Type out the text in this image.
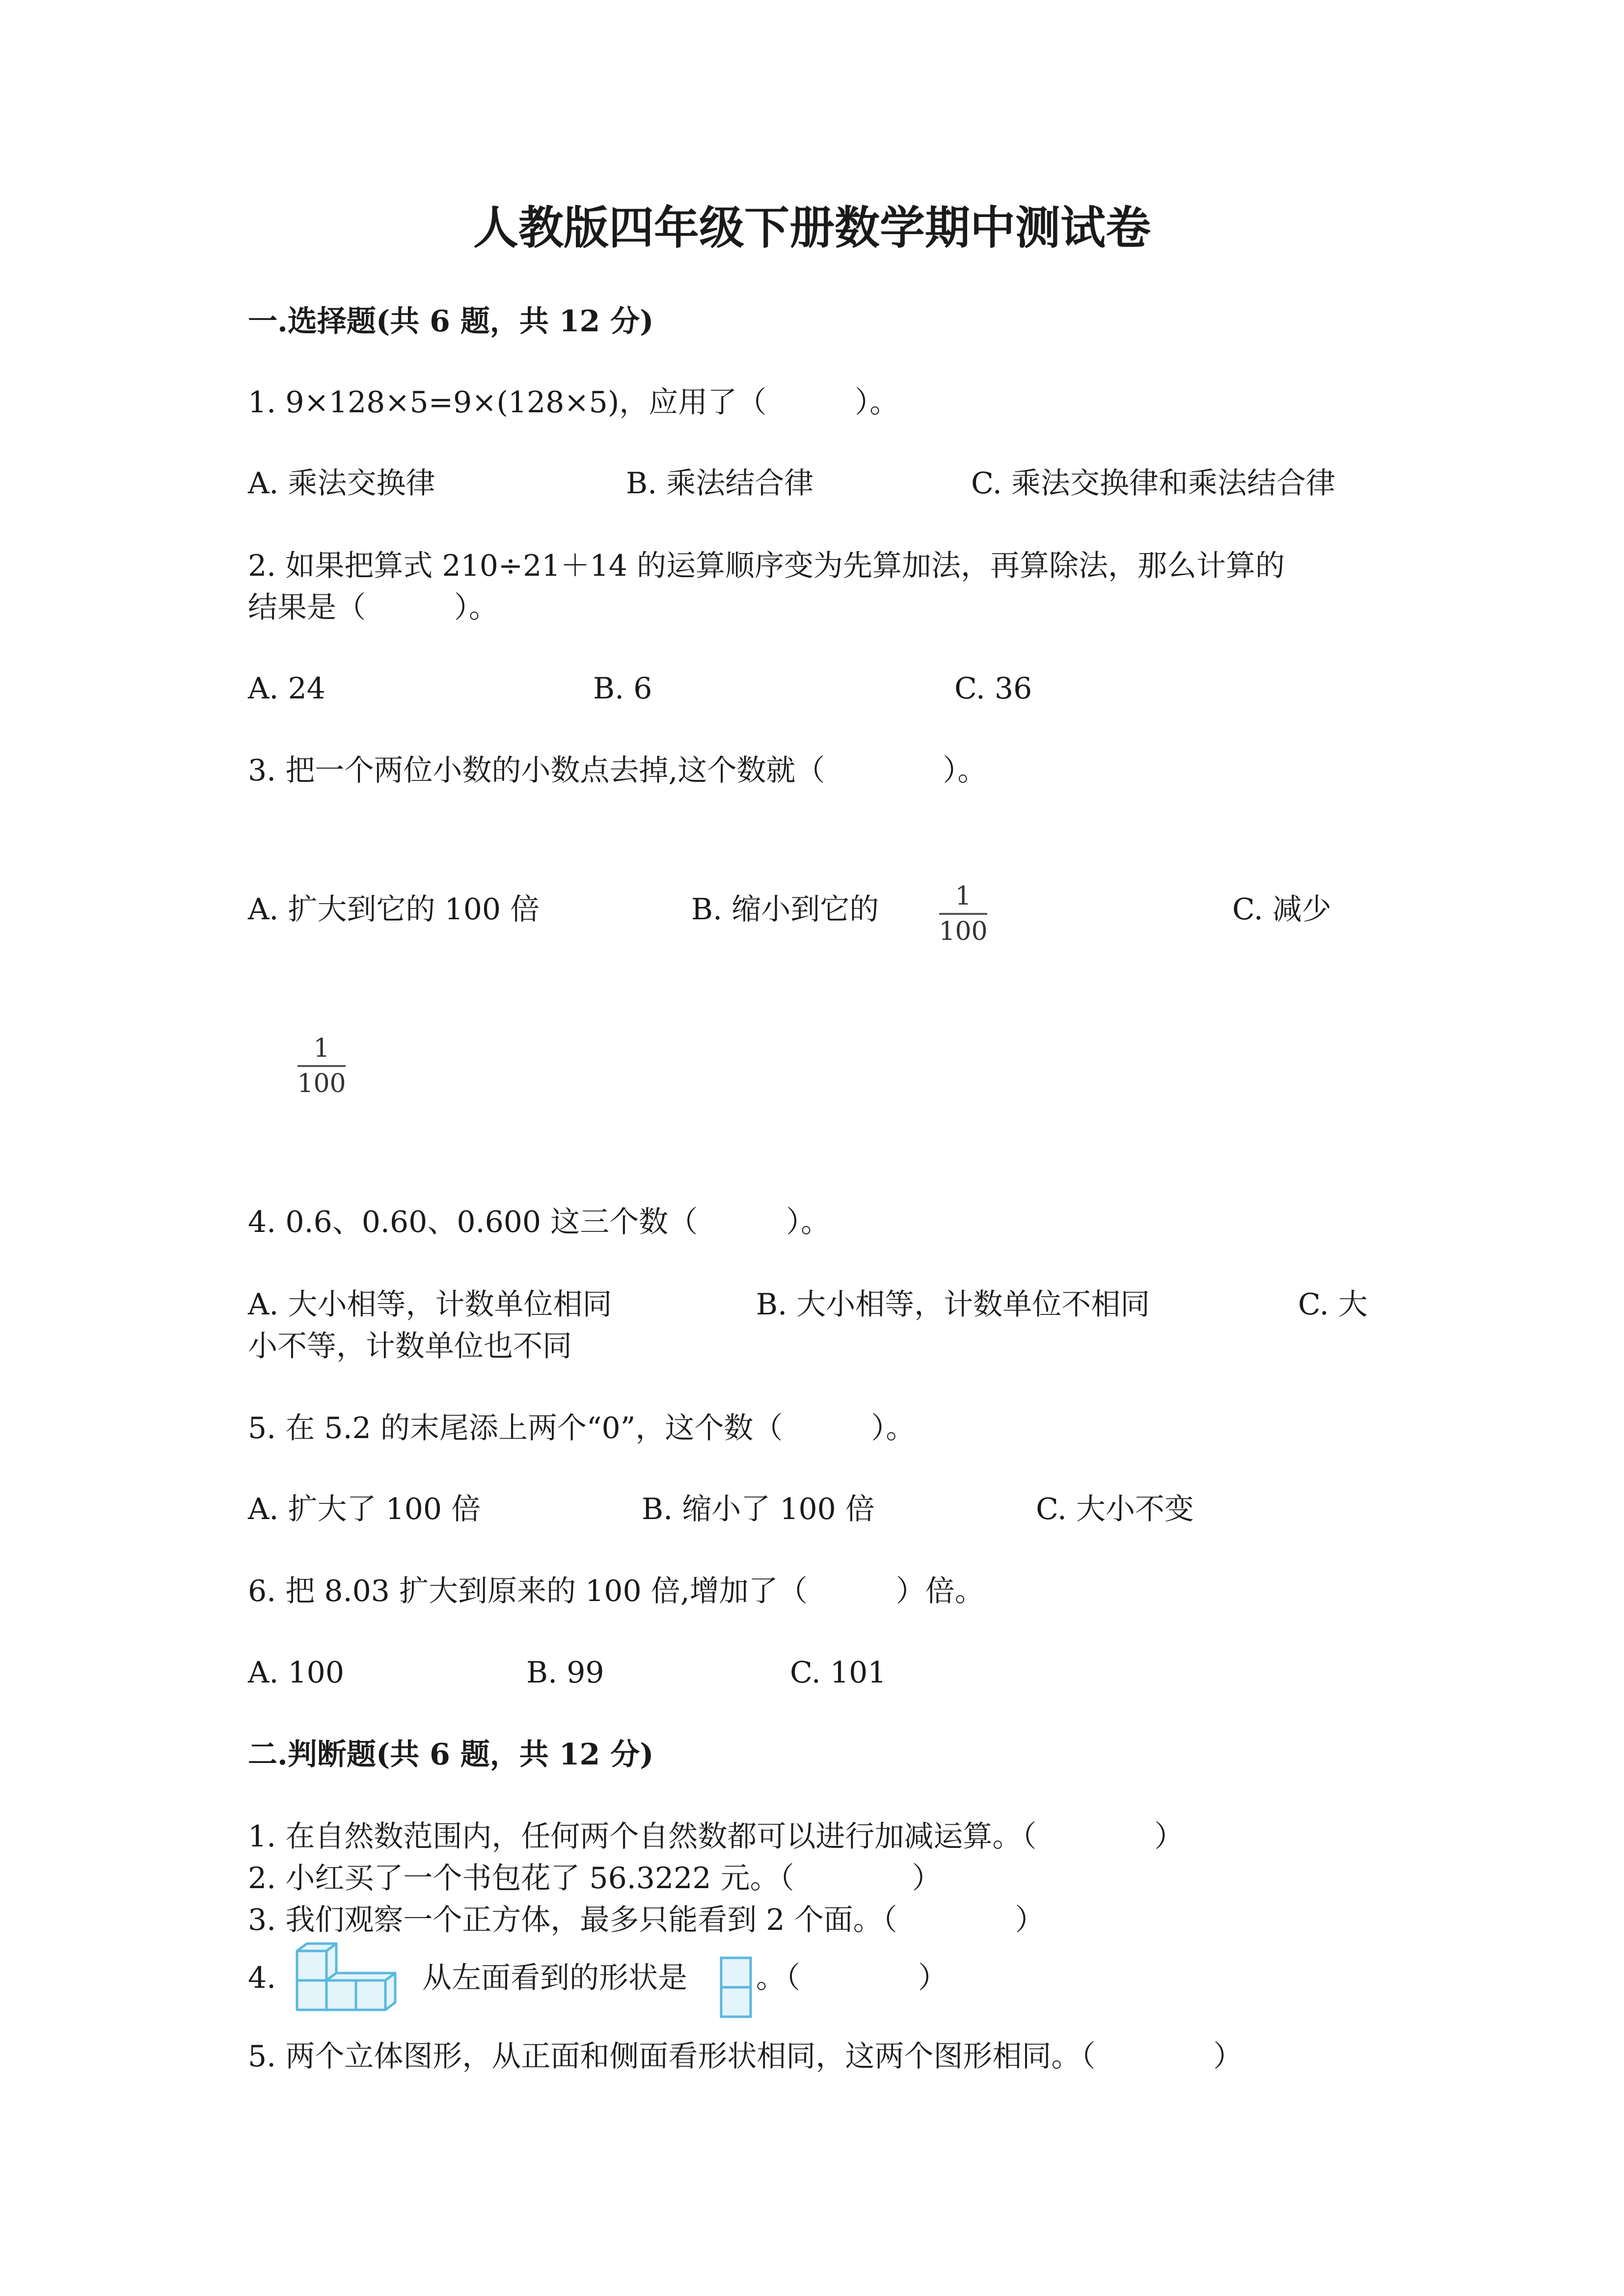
人教版四年级下册数学期中测试卷
一.选择题(共 6 题，共 12 分)
1. 9×128×5=9×(128×5)，应用了（　　　）。
A. 乘法交换律	B. 乘法结合律	C. 乘法交换律和乘法结合律
2. 如果把算式 210÷21＋14 的运算顺序变为先算加法，再算除法，那么计算的
结果是（　　　）。
A. 24	B. 6	C. 36
3. 把一个两位小数的小数点去掉,这个数就（　　　　）。
A. 扩大到它的 100 倍	B. 缩小到它的	1
100
C. 减少
1
100
4. 0.6、0.60、0.600 这三个数（　　　）。
A. 大小相等，计数单位相同	B. 大小相等，计数单位不相同	C. 大
小不等，计数单位也不同
5. 在 5.2 的末尾添上两个“0”，这个数（　　　）。
A. 扩大了 100 倍	B. 缩小了 100 倍	C. 大小不变
6. 把 8.03 扩大到原来的 100 倍,增加了（　　　）倍。
A. 100	B. 99	C. 101
二.判断题(共 6 题，共 12 分)
1. 在自然数范围内，任何两个自然数都可以进行加减运算。（　　　　）
2. 小红买了一个书包花了 56.3222 元。（　　　　）
3. 我们观察一个正方体，最多只能看到 2 个面。（　　　　）
4.	从左面看到的形状是 。（　　　　）
5. 两个立体图形，从正面和侧面看形状相同，这两个图形相同。（　　　　）
